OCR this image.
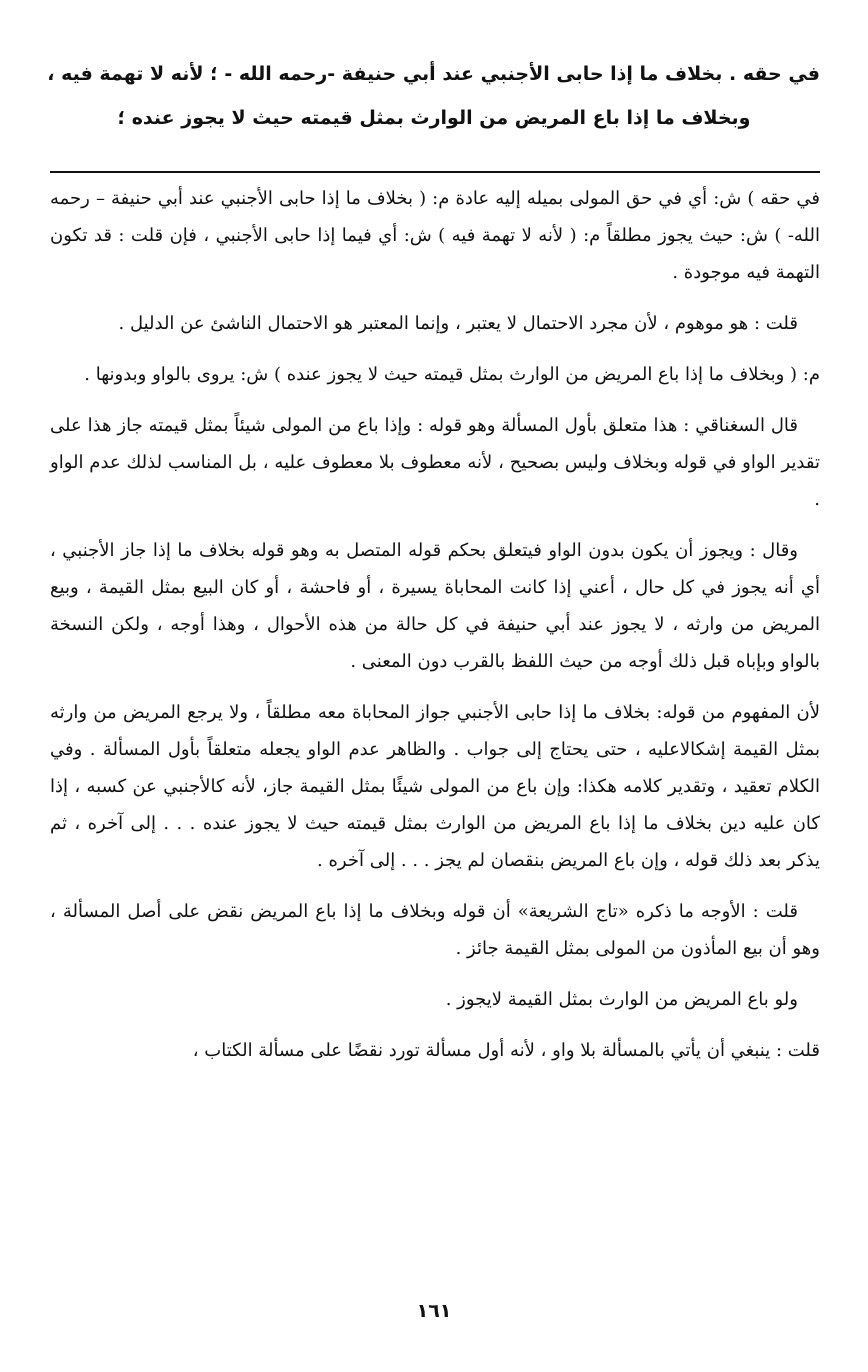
في حقه . بخلاف ما إذا حابى الأجنبي عند أبي حنيفة -رحمه الله - ؛ لأنه لا تهمة فيه ،
وبخلاف ما إذا باع المريض من الوارث بمثل قيمته حيث لا يجوز عنده ؛

في حقه ) ش: أي في حق المولى بميله إليه عادة م: ( بخلاف ما إذا حابى الأجنبي عند أبي حنيفة – رحمه الله- ) ش: حيث يجوز مطلقاً م: ( لأنه لا تهمة فيه ) ش: أي فيما إذا حابى الأجنبي ، فإن قلت : قد تكون التهمة فيه موجودة .

قلت : هو موهوم ، لأن مجرد الاحتمال لا يعتبر ، وإنما المعتبر هو الاحتمال الناشئ عن الدليل .

م: ( وبخلاف ما إذا باع المريض من الوارث بمثل قيمته حيث لا يجوز عنده ) ش: يروى بالواو وبدونها .

قال السغناقي : هذا متعلق بأول المسألة وهو قوله : وإذا باع من المولى شيئاً بمثل قيمته جاز هذا على تقدير الواو في قوله وبخلاف وليس بصحيح ، لأنه معطوف بلا معطوف عليه ، بل المناسب لذلك عدم الواو .

وقال : ويجوز أن يكون بدون الواو فيتعلق بحكم قوله المتصل به وهو قوله بخلاف ما إذا جاز الأجنبي ، أي أنه يجوز في كل حال ، أعني إذا كانت المحاباة يسيرة ، أو فاحشة ، أو كان البيع بمثل القيمة ، وبيع المريض من وارثه ، لا يجوز عند أبي حنيفة في كل حالة من هذه الأحوال ، وهذا أوجه ، ولكن النسخة بالواو وبإباه قبل ذلك أوجه من حيث اللفظ بالقرب دون المعنى .

لأن المفهوم من قوله: بخلاف ما إذا حابى الأجنبي جواز المحاباة معه مطلقاً ، ولا يرجع المريض من وارثه بمثل القيمة إشكالاعليه ، حتى يحتاج إلى جواب . والظاهر عدم الواو يجعله متعلقاً بأول المسألة . وفي الكلام تعقيد ، وتقدير كلامه هكذا: وإن باع من المولى شيئًا بمثل القيمة جاز، لأنه كالأجنبي عن كسبه ، إذا كان عليه دين بخلاف ما إذا باع المريض من الوارث بمثل قيمته حيث لا يجوز عنده . . . إلى آخره ، ثم يذكر بعد ذلك قوله ، وإن باع المريض بنقصان لم يجز . . . إلى آخره .

قلت : الأوجه ما ذكره «تاج الشريعة» أن قوله وبخلاف ما إذا باع المريض نقض على أصل المسألة ، وهو أن بيع المأذون من المولى بمثل القيمة جائز .

ولو باع المريض من الوارث بمثل القيمة لايجوز .

قلت : ينبغي أن يأتي بالمسألة بلا واو ، لأنه أول مسألة تورد نقضًا على مسألة الكتاب ،

١٦١
